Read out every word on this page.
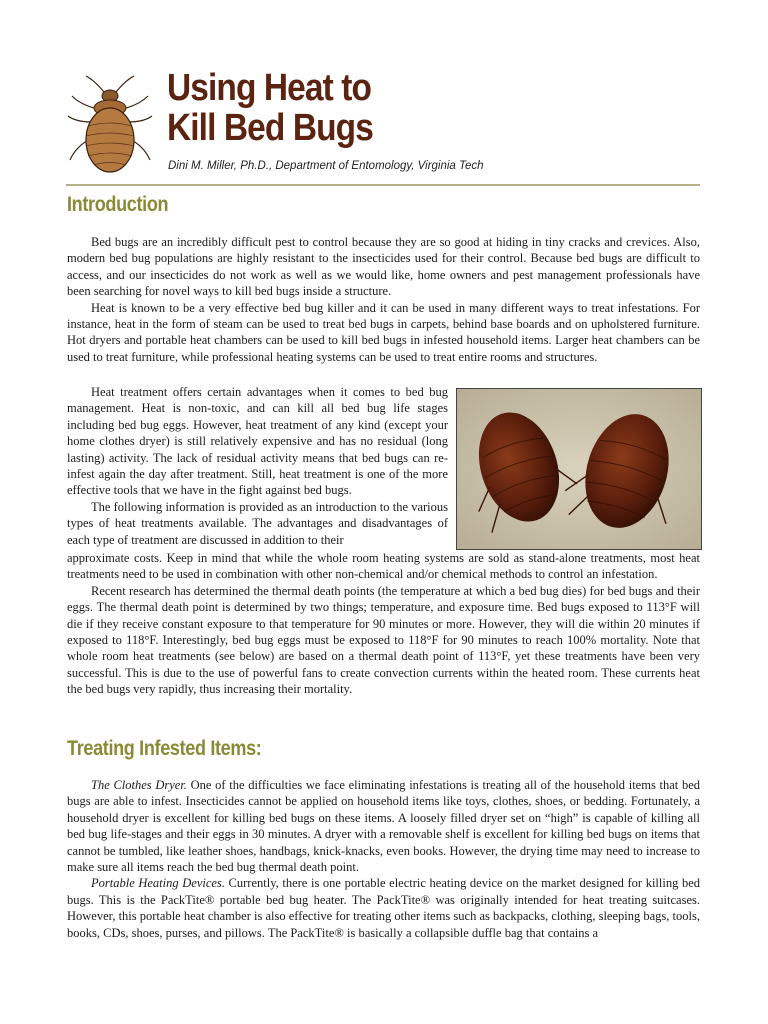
Using Heat to
Kill Bed Bugs

Dini M. Miller, Ph.D., Department of Entomology, Virginia Tech

Introduction

Bed bugs are an incredibly difficult pest to control because they are so good at hiding in tiny cracks and crevices. Also, modern bed bug populations are highly resistant to the insecticides used for their control. Because bed bugs are difficult to access, and our insecticides do not work as well as we would like, home owners and pest management professionals have been searching for novel ways to kill bed bugs inside a structure.

Heat is known to be a very effective bed bug killer and it can be used in many different ways to treat infestations. For instance, heat in the form of steam can be used to treat bed bugs in carpets, behind base boards and on upholstered furniture. Hot dryers and portable heat chambers can be used to kill bed bugs in infested household items. Larger heat chambers can be used to treat furniture, while professional heating systems can be used to treat entire rooms and structures.

Heat treatment offers certain advantages when it comes to bed bug management. Heat is non-toxic, and can kill all bed bug life stages including bed bug eggs. However, heat treatment of any kind (except your home clothes dryer) is still relatively expensive and has no residual (long lasting) activity. The lack of residual activity means that bed bugs can re-infest again the day after treatment. Still, heat treatment is one of the more effective tools that we have in the fight against bed bugs.

The following information is provided as an introduction to the various types of heat treatments available. The advantages and disadvantages of each type of treatment are discussed in addition to their

approximate costs. Keep in mind that while the whole room heating systems are sold as stand-alone treatments, most heat treatments need to be used in combination with other non-chemical and/or chemical methods to control an infestation.

Recent research has determined the thermal death points (the temperature at which a bed bug dies) for bed bugs and their eggs. The thermal death point is determined by two things; temperature, and exposure time. Bed bugs exposed to 113°F will die if they receive constant exposure to that temperature for 90 minutes or more. However, they will die within 20 minutes if exposed to 118°F. Interestingly, bed bug eggs must be exposed to 118°F for 90 minutes to reach 100% mortality. Note that whole room heat treatments (see below) are based on a thermal death point of 113°F, yet these treatments have been very successful. This is due to the use of powerful fans to create convection currents within the heated room. These currents heat the bed bugs very rapidly, thus increasing their mortality.

Treating Infested Items:

The Clothes Dryer. One of the difficulties we face eliminating infestations is treating all of the household items that bed bugs are able to infest. Insecticides cannot be applied on household items like toys, clothes, shoes, or bedding. Fortunately, a household dryer is excellent for killing bed bugs on these items. A loosely filled dryer set on “high” is capable of killing all bed bug life-stages and their eggs in 30 minutes. A dryer with a removable shelf is excellent for killing bed bugs on items that cannot be tumbled, like leather shoes, handbags, knick-knacks, even books. However, the drying time may need to increase to make sure all items reach the bed bug thermal death point.

Portable Heating Devices. Currently, there is one portable electric heating device on the market designed for killing bed bugs. This is the PackTite® portable bed bug heater. The PackTite® was originally intended for heat treating suitcases. However, this portable heat chamber is also effective for treating other items such as backpacks, clothing, sleeping bags, tools, books, CDs, shoes, purses, and pillows. The PackTite® is basically a collapsible duffle bag that contains a
